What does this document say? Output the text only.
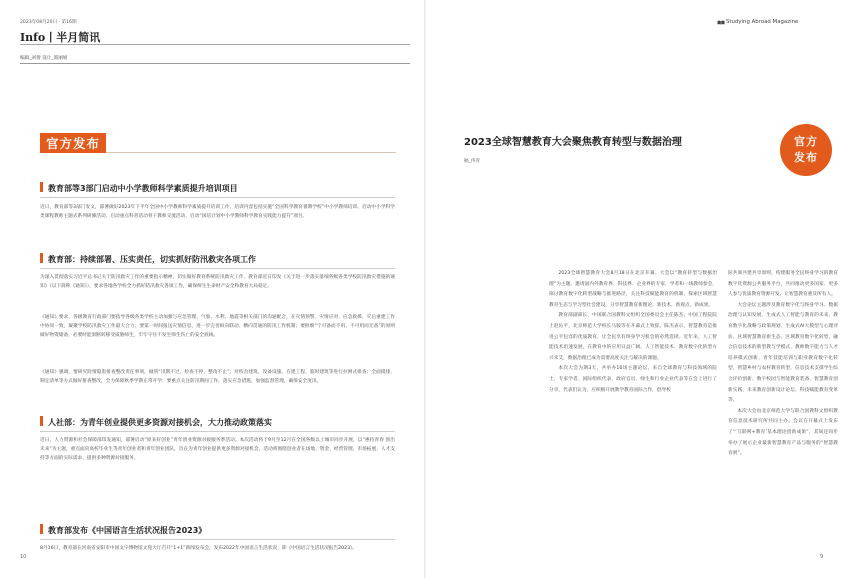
2023年08月20日 · 第16期
Info丨半月简讯
编辑_刘倩 设计_邵丽娟
官方发布
教育部等3部门启动中小学教师科学素质提升培训项目
近日，教育部等3部门发文，部署做好2023年下半年全国中小学教师科学素质提升培训工作，培训内容包括实施“全国科学教育暑期学校”中小学教师培训、启动中小学科学类课程教师主题式系列研修活动、启动重点科普活动骨干教师交流活动、启动“国培计划中小学教师科学教育实践能力提升”项目。
教育部：持续部署、压实责任，切实抓好防汛救灾各项工作
为深入贯彻落实习近平总书记关于防汛救灾工作的重要指示精神，切实做好教育系统防汛救灾工作，教育部近日印发《关于进一步落实落细各级各类学校防汛救灾措施的通知》（以下简称《通知》），要求各地各学校全力抓好防汛救灾各项工作，确保师生生命财产安全和教育大局稳定。
《通知》要求，各级教育行政部门要指导各级各类学校主动加强与应急管理、气象、水利、地震等相关部门的沟通配合，在灾情预警、灾情应对、应急救援、灾后重建工作中协同一致，凝聚学校防汛救灾工作最大合力；要第一时间报送灾情信息，进一步完善纵向联动、横向贯通的防汛工作机制；要抠细“宁可备而不用、不可用而无备”的原则做好物资储备，必要时能果断转移受威胁师生，牢牢守住不发生师生伤亡的安全底线。
《通知》强调，要研究险情隐患排查整改责任事项，做到“汛期不过、检查不停，整改不止”；对校舍建筑、设备设施、在建工程、临时建筑等进行拉网式排查；全面摸排、制定清单等方式做好排查整改，全力保障秋季学期正常开学；要重点关注防汛期间工作，落实应急措施，加强监督管理，确保安全度汛。
人社部：为青年创业提供更多资源对接机会，大力推动政策落实
近日，人力资源和社会保障部印发通知，部署启动“原来好创业”青年创业资源对接服务季活动。本次活动将于9月至12月在全国各级以上城市同步开展，以“惠持青春 创出未来”为主题，重点面向高校毕业生等青年创业者和青年创业团队，旨在为青年创业提供更多资源对接机会，活动将围绕创业者在场地、资金、经营管理、市场拓展、人才支持等方面的实际需求，提供多种资源对接服务。
教育部发布《中国语言生活状况报告2023》
8月16日，教育部在河南省安阳市中国文字博物馆文苑大厅召开“1+1”新闻发布会，发布2022年中国语言生活状况、即《中国语言生活状况报告2023》。
10
Studying Abroad Magazine
2023全球智慧教育大会聚焦教育转型与数据治理
稿_佟青
官方
发布

2023全球智慧教育大会8月18日在北京开幕。大会以“教育转型与数据治理”为主题，邀请国内外教育界、科技界、企业界的专家、学者和一线教师参会，探讨教育数字化转型战略与推进路径，关注科技赋能教育的机制，探索区域智慧教育生态与学习型社会建设，分享智慧教育新理论、新技术、新观点、新成果。

教育部副部长、中国联合国教科文组织全国委员会主任陈杰，中国工程院院士赵沁平，北京师范大学校长马骏等在开幕式上致辞。陈杰表示，智慧教育是推进公平包容的优质教育，让全民享有终身学习机会的必然选择。近年来，人工智能技术迅速发展，在教育中的应用日益广阔，人工智能技术、教育数字化转型方兴未艾，数据治理已成为需要高度关注与解决的课题。

本次大会为期3天，共举办16场主题论坛，来自全球教育与科技领域的院士、专家学者、国际组织代表、政府官员、师生和行业企业代表等在会上进行了分享，代表们认为，应积极开展教学教育国际合作，倡导校

际共商共建共享原则，构建服务全民终身学习的教育数字化资源公共服务平台，共同推动更多国家、更多人参与优质教育资源开发，让智慧教育惠及所有人。

大会论坛主题涉及教育数字化与终身学习、数据治理与认知发展、生成式人工智能与教育的未来、教育数字化战略与政策规划、生成式AI大模型与心理评估、区域智慧教育新生态、区域教育数字化转型、融合信息技术的新型教与学模式、教师数字能力与人才培养模式创新、青年技能培训与职业教育数字化转型、智慧乡村与农村教育转型、信息技术支撑学生综合评价创新、数字校园与智能教育装备、智慧教育创新实践、未来教育创新设计论坛、科技赋能教育变革等。

本次大会由北京师范大学与联合国教科文组织教育信息技术研究所共同主办。会议在开幕式上发布了“‘互联网+教育’基本理论创新成果”，其间还同步举办了展示企业最新智慧教育产品与服务的“智慧教育展”。

9
